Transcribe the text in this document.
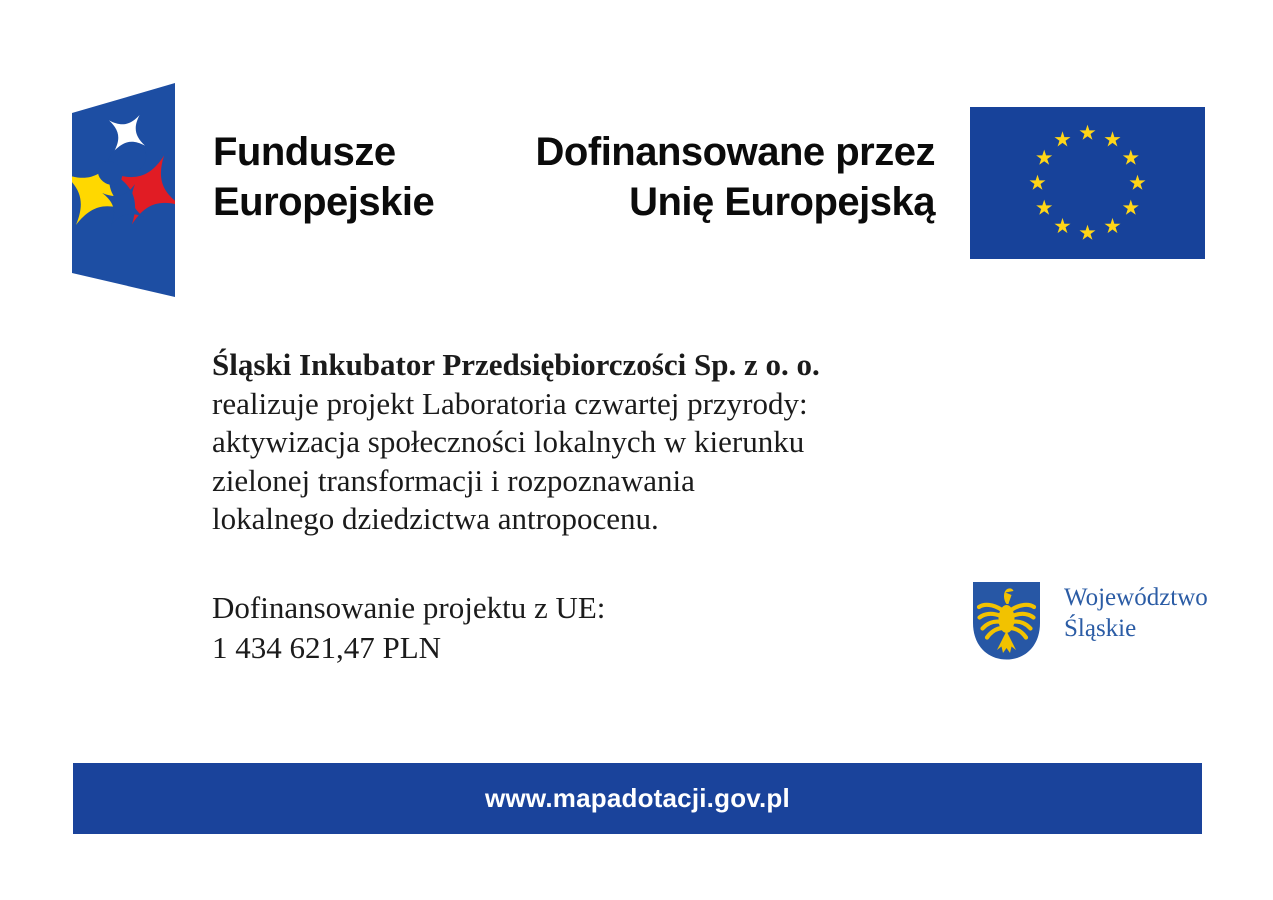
Fundusze
Europejskie
Dofinansowane przez
Unię Europejską
Śląski Inkubator Przedsiębiorczości Sp. z o. o.
realizuje projekt Laboratoria czwartej przyrody:
aktywizacja społeczności lokalnych w kierunku
zielonej transformacji i rozpoznawania
lokalnego dziedzictwa antropocenu.
Dofinansowanie projektu z UE:
1 434 621,47 PLN
Województwo
Śląskie
www.mapadotacji.gov.pl
